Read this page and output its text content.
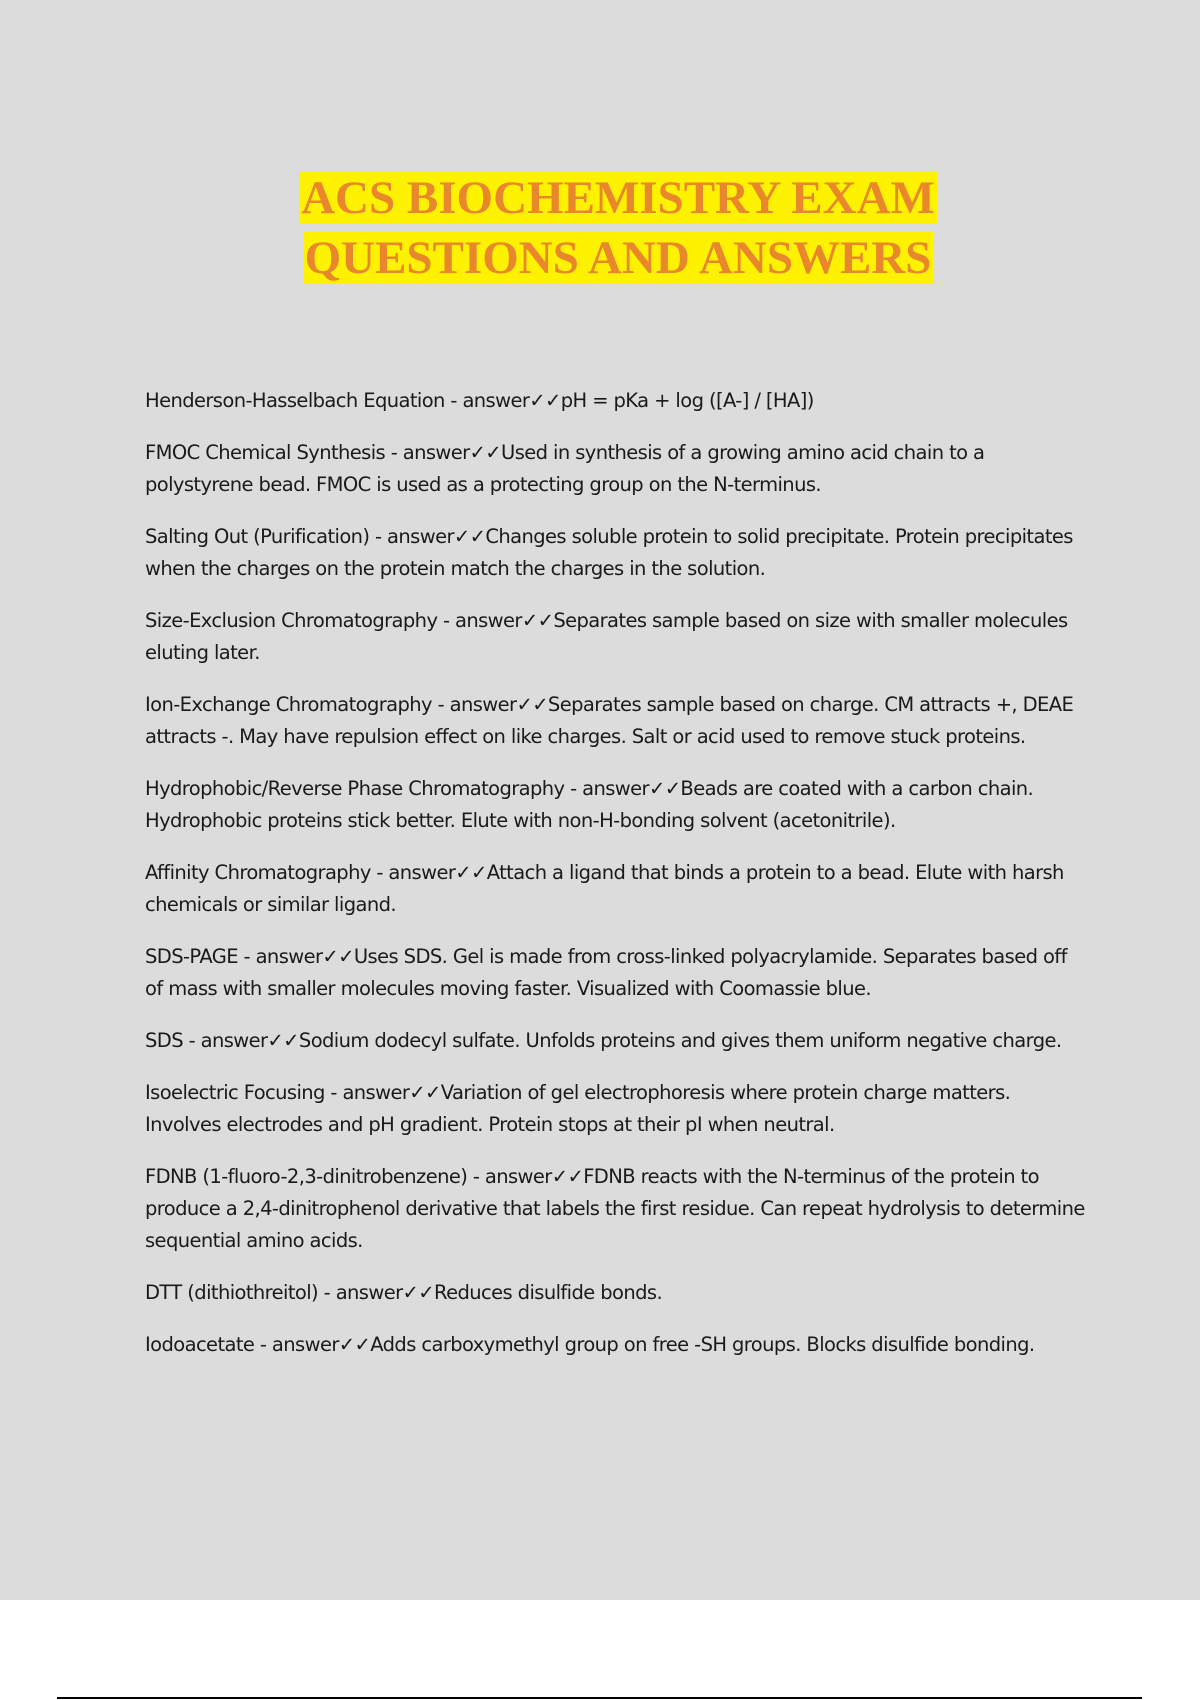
ACS BIOCHEMISTRY EXAM
QUESTIONS AND ANSWERS
Henderson-Hasselbach Equation - answer✓✓pH = pKa + log ([A-] / [HA])
FMOC Chemical Synthesis - answer✓✓Used in synthesis of a growing amino acid chain to a polystyrene bead. FMOC is used as a protecting group on the N-terminus.
Salting Out (Purification) - answer✓✓Changes soluble protein to solid precipitate. Protein precipitates when the charges on the protein match the charges in the solution.
Size-Exclusion Chromatography - answer✓✓Separates sample based on size with smaller molecules eluting later.
Ion-Exchange Chromatography - answer✓✓Separates sample based on charge. CM attracts +, DEAE attracts -. May have repulsion effect on like charges. Salt or acid used to remove stuck proteins.
Hydrophobic/Reverse Phase Chromatography - answer✓✓Beads are coated with a carbon chain. Hydrophobic proteins stick better. Elute with non-H-bonding solvent (acetonitrile).
Affinity Chromatography - answer✓✓Attach a ligand that binds a protein to a bead. Elute with harsh chemicals or similar ligand.
SDS-PAGE - answer✓✓Uses SDS. Gel is made from cross-linked polyacrylamide. Separates based off of mass with smaller molecules moving faster. Visualized with Coomassie blue.
SDS - answer✓✓Sodium dodecyl sulfate. Unfolds proteins and gives them uniform negative charge.
Isoelectric Focusing - answer✓✓Variation of gel electrophoresis where protein charge matters. Involves electrodes and pH gradient. Protein stops at their pI when neutral.
FDNB (1-fluoro-2,3-dinitrobenzene) - answer✓✓FDNB reacts with the N-terminus of the protein to produce a 2,4-dinitrophenol derivative that labels the first residue. Can repeat hydrolysis to determine sequential amino acids.
DTT (dithiothreitol) - answer✓✓Reduces disulfide bonds.
Iodoacetate - answer✓✓Adds carboxymethyl group on free -SH groups. Blocks disulfide bonding.
